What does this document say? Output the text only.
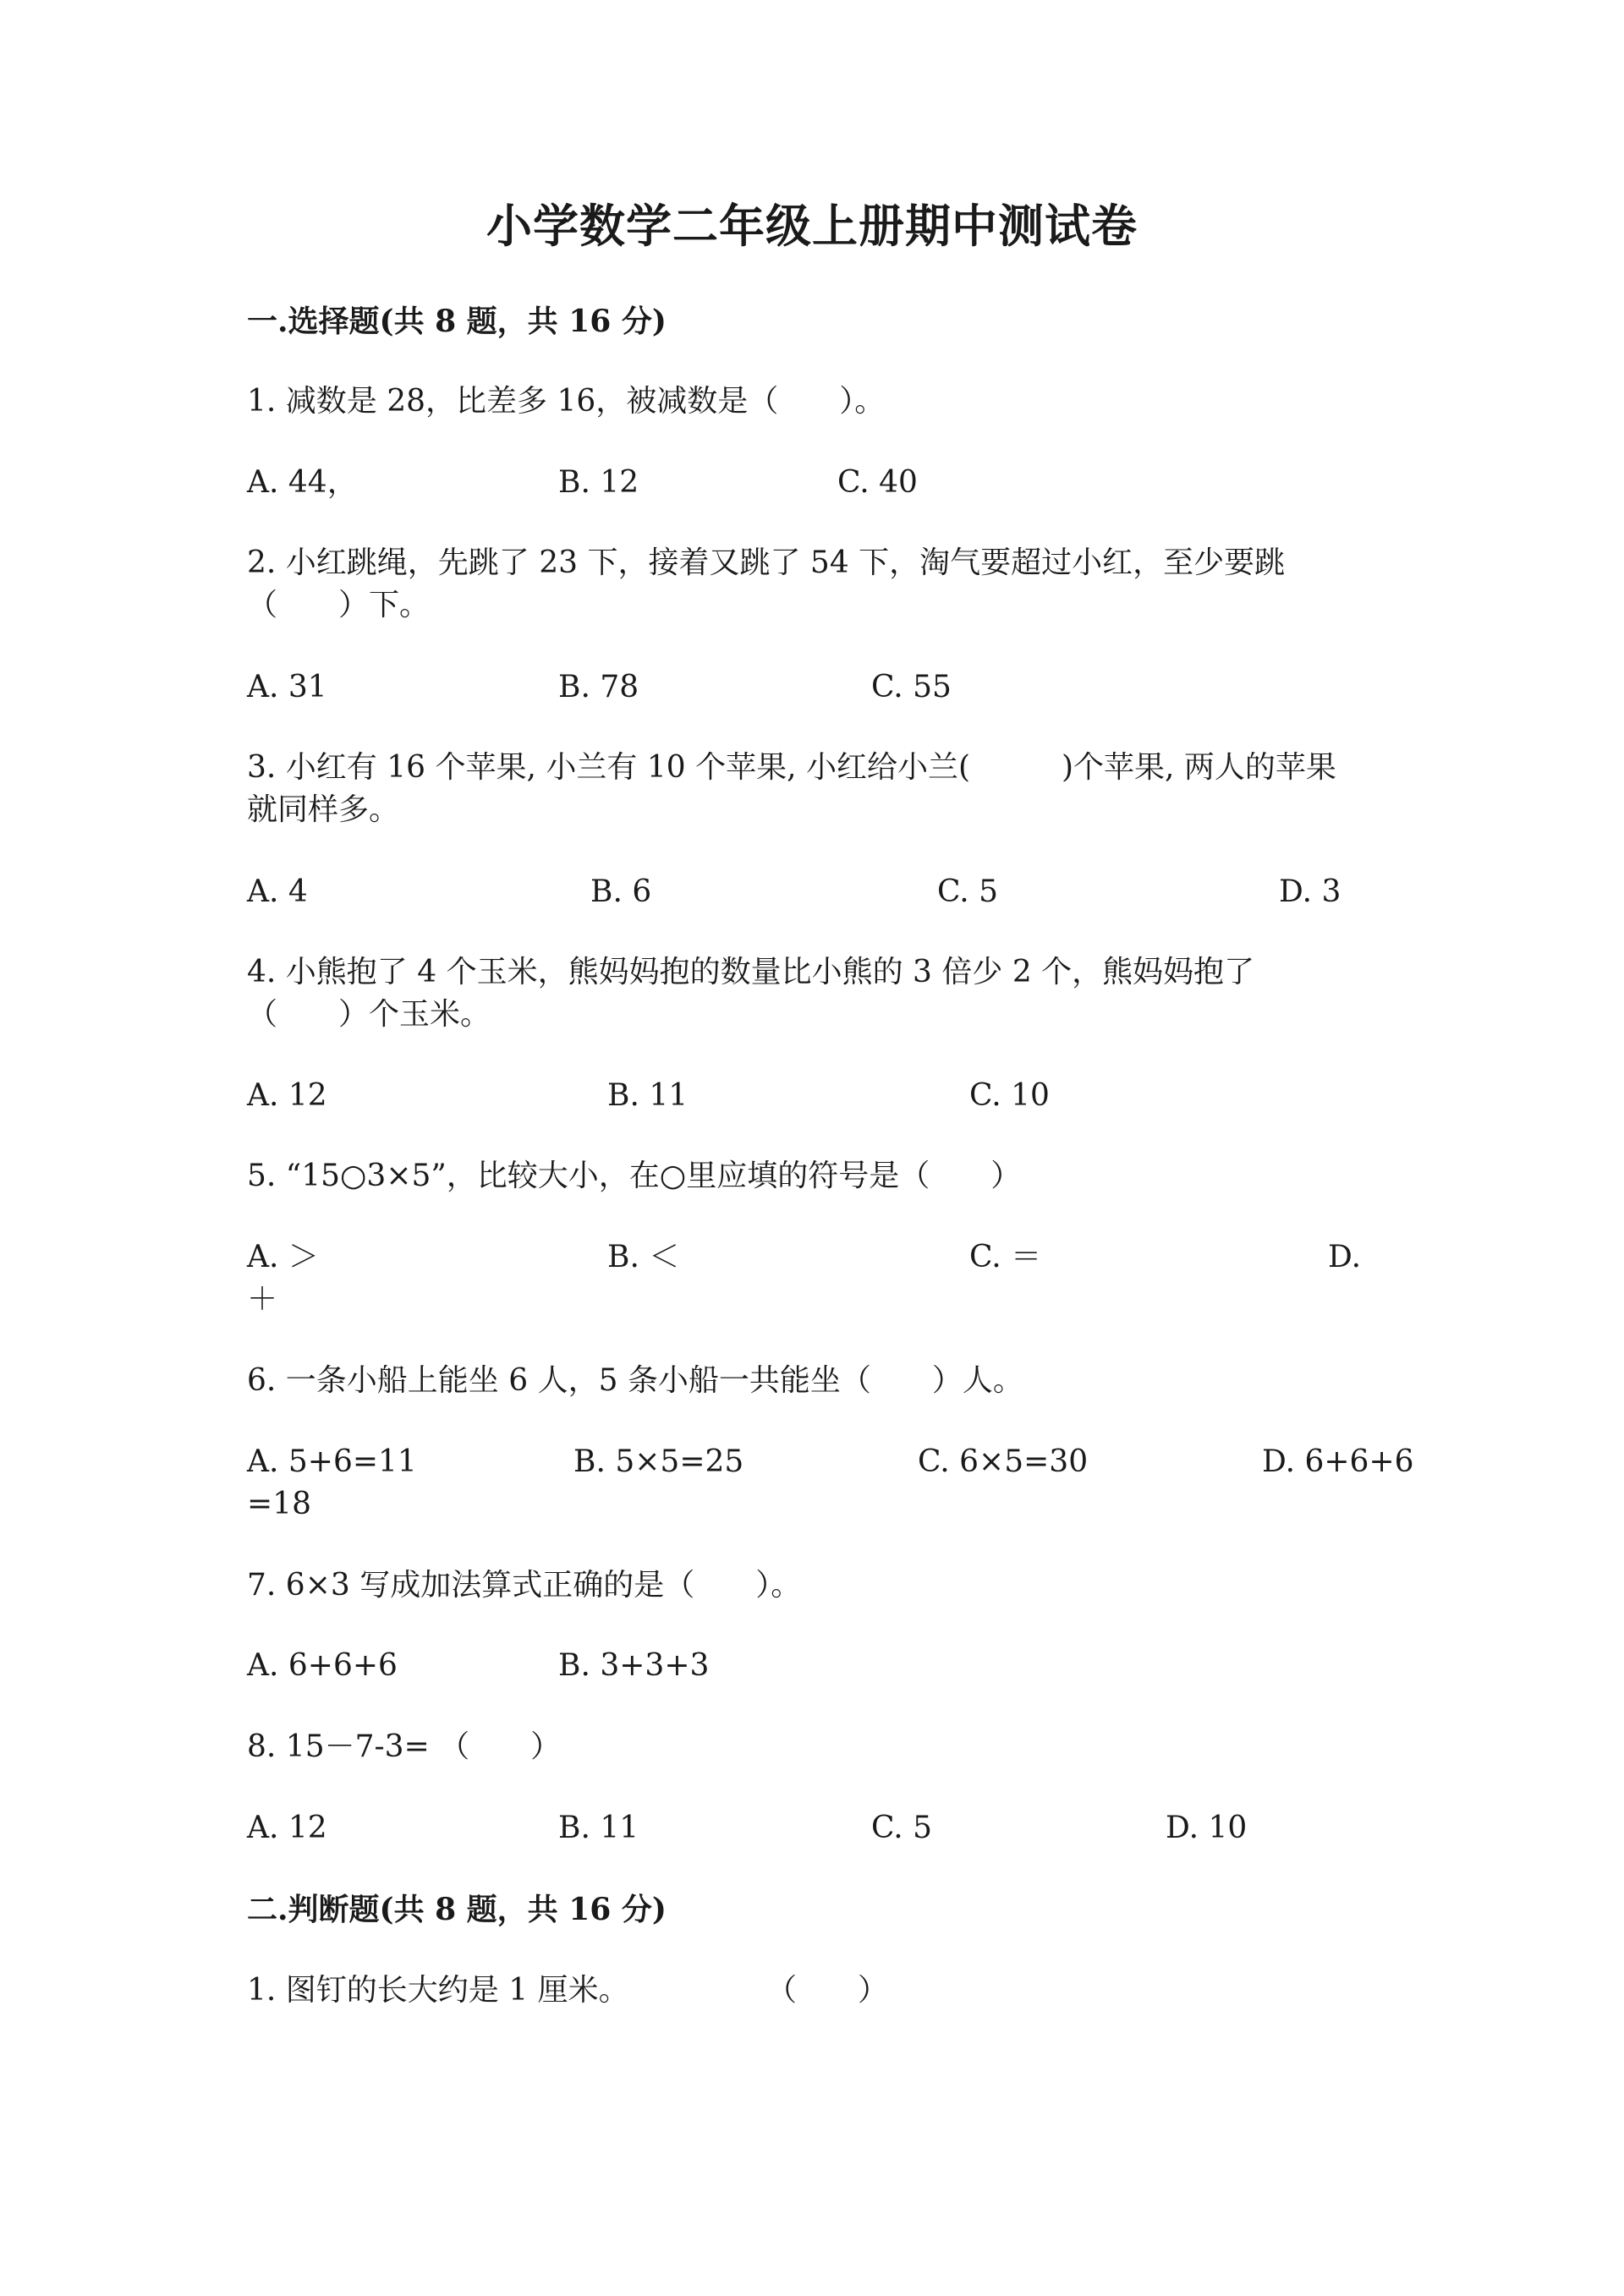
小学数学二年级上册期中测试卷
一.选择题(共 8 题，共 16 分)
1. 减数是 28，比差多 16，被减数是（　　）。
A. 44，	B. 12	C. 40
2. 小红跳绳，先跳了 23 下，接着又跳了 54 下，淘气要超过小红，至少要跳
（　　）下。
A. 31	B. 78	C. 55
3. 小红有 16 个苹果, 小兰有 10 个苹果, 小红给小兰(　　　)个苹果, 两人的苹果
就同样多。
A. 4	B. 6	C. 5	D. 3
4. 小熊抱了 4 个玉米，熊妈妈抱的数量比小熊的 3 倍少 2 个，熊妈妈抱了
（　　）个玉米。
A. 12	B. 11	C. 10
5. “15○3×5”，比较大小，在○里应填的符号是（　　）
A. ＞	B. ＜	C. ＝	D.
＋
6. 一条小船上能坐 6 人，5 条小船一共能坐（　　）人。
A. 5+6=11	B. 5×5=25	C. 6×5=30	D. 6+6+6
=18
7. 6×3 写成加法算式正确的是（　　）。
A. 6+6+6	B. 3+3+3
8. 15－7-3= （　　）
A. 12	B. 11	C. 5	D. 10
二.判断题(共 8 题，共 16 分)
1. 图钉的长大约是 1 厘米。	（　　）
